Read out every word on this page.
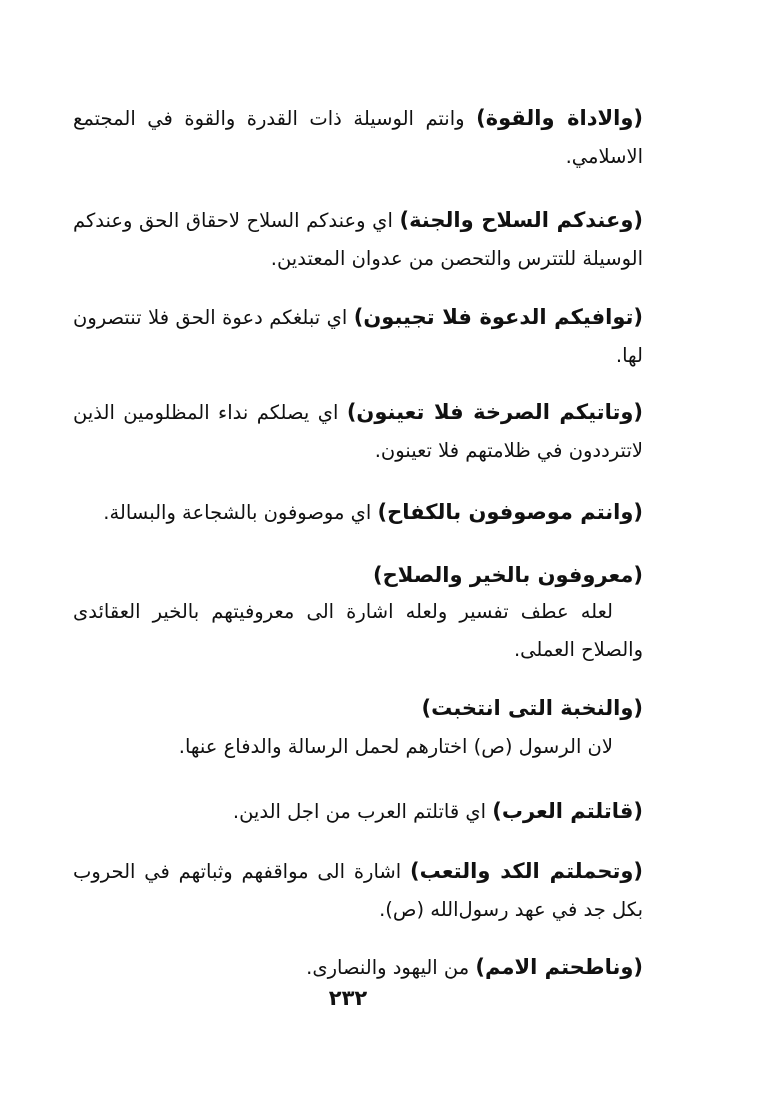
(والاداة والقوة) وانتم الوسيلة ذات القدرة والقوة في المجتمع الاسلامي.

(وعندكم السلاح والجنة) اي وعندكم السلاح لاحقاق الحق وعندكم الوسيلة للتترس والتحصن من عدوان المعتدين.

(توافيكم الدعوة فلا تجيبون) اي تبلغكم دعوة الحق فلا تنتصرون لها.

(وتاتيكم الصرخة فلا تعينون) اي يصلكم نداء المظلومين الذين لاتترددون في ظلامتهم فلا تعينون.

(وانتم موصوفون بالكفاح) اي موصوفون بالشجاعة والبسالة.

(معروفون بالخير والصلاح)

لعله عطف تفسير ولعله اشارة الى معروفيتهم بالخير العقائدى والصلاح العملى.

(والنخبة التى انتخبت)

لان الرسول (ص) اختارهم لحمل الرسالة والدفاع عنها.

(قاتلتم العرب) اي قاتلتم العرب من اجل الدين.

(وتحملتم الكد والتعب) اشارة الى مواقفهم وثباتهم في الحروب بكل جد في عهد رسول‌الله (ص).

(وناطحتم الامم) من اليهود والنصارى.

٢٣٢
